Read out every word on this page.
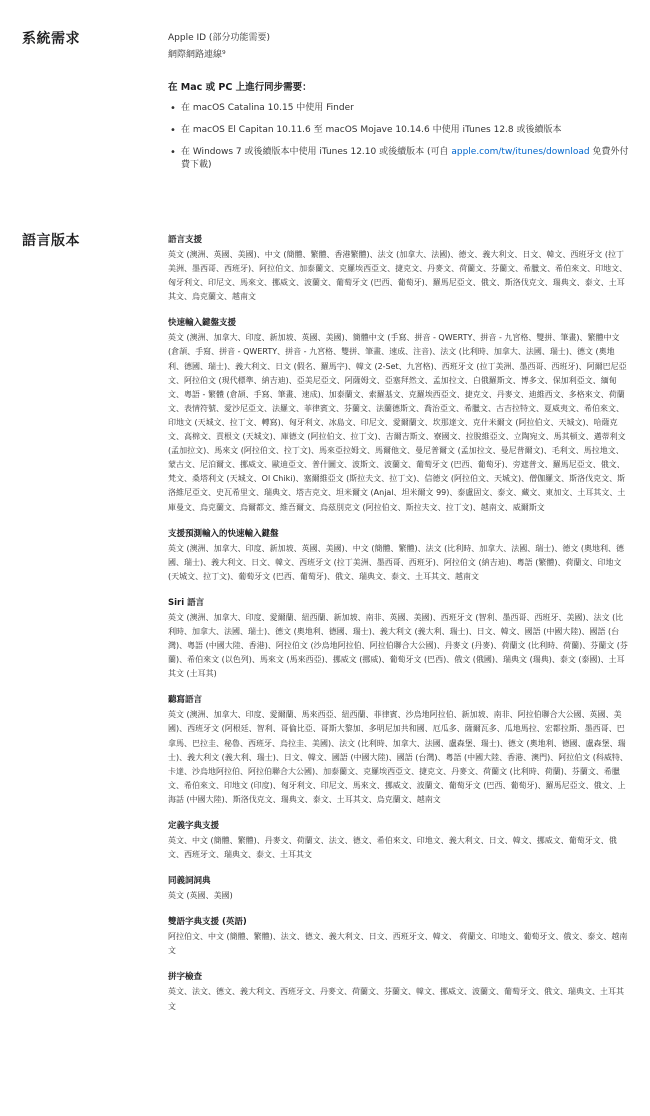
系統需求	Apple ID (部分功能需要)
網際網路連線⁹
在 Mac 或 PC 上進行同步需要：
• 在 macOS Catalina 10.15 中使用 Finder
• 在 macOS El Capitan 10.11.6 至 macOS Mojave 10.14.6 中使用 iTunes 12.8 或後續版本
• 在 Windows 7 或後續版本中使用 iTunes 12.10 或後續版本 (可自 apple.com/tw/itunes/download 免費外付費下載)
語言版本	語言支援
英文 (澳洲、英國、美國)、中文 (簡體、繁體、香港繁體)、法文 (加拿大、法國)、德文、義大利文、日文、韓文、西班牙文 (拉丁美洲、墨西哥、西班牙)、阿拉伯文、加泰蘭文、克羅埃西亞文、捷克文、丹麥文、荷蘭文、芬蘭文、希臘文、希伯來文、印地文、匈牙利文、印尼文、馬來文、挪威文、波蘭文、葡萄牙文 (巴西、葡萄牙)、羅馬尼亞文、俄文、斯洛伐克文、瑞典文、泰文、土耳其文、烏克蘭文、越南文
快速輸入鍵盤支援
英文 (澳洲、加拿大、印度、新加坡、英國、美國)、簡體中文 (手寫、拼音 - QWERTY、拼音 - 九宮格、雙拼、筆畫)、繁體中文 (倉頡、手寫、拼音 - QWERTY、拼音 - 九宮格、雙拼、筆畫、速成、注音)、法文 (比利時、加拿大、法國、瑞士)、德文 (奧地利、德國、瑞士)、義大利文、日文 (假名、羅馬字)、韓文 (2-Set、九宮格)、西班牙文 (拉丁美洲、墨西哥、西班牙)、阿爾巴尼亞文、阿拉伯文 (現代標準、納吉迪)、亞美尼亞文、阿薩姆文、亞塞拜然文、孟加拉文、白俄羅斯文、博多文、保加利亞文、緬甸文、粵語 - 繁體 (倉頡、手寫、筆畫、速成)、加泰蘭文、索羅基文、克羅埃西亞文、捷克文、丹麥文、迪維西文、多格來文、荷蘭文、表情符號、愛沙尼亞文、法羅文、菲律賓文、芬蘭文、法蘭德斯文、喬治亞文、希臘文、古吉拉特文、夏威夷文、希伯來文、印地文 (天城文、拉丁文、轉寫)、匈牙利文、冰島文、印尼文、愛爾蘭文、坎那達文、克什米爾文 (阿拉伯文、天城文)、哈薩克文、高棉文、貢根文 (天城文)、庫德文 (阿拉伯文、拉丁文)、吉爾吉斯文、寮國文、拉脫維亞文、立陶宛文、馬其頓文、邁蒂利文 (孟加拉文)、馬來文 (阿拉伯文、拉丁文)、馬來亞拉姆文、馬爾他文、曼尼普爾文 (孟加拉文、曼尼普爾文)、毛利文、馬拉地文、蒙古文、尼泊爾文、挪威文、歐迪亞文、普什圖文、波斯文、波蘭文、葡萄牙文 (巴西、葡萄牙)、旁遮普文、羅馬尼亞文、俄文、梵文、桑塔利文 (天城文、Ol Chiki)、塞爾維亞文 (斯拉夫文、拉丁文)、信德文 (阿拉伯文、天城文)、僧伽羅文、斯洛伐克文、斯洛維尼亞文、史瓦希里文、瑞典文、塔吉克文、坦米爾文 (Anjal、坦米爾文 99)、泰盧固文、泰文、藏文、東加文、土耳其文、土庫曼文、烏克蘭文、烏爾都文、維吾爾文、烏茲別克文 (阿拉伯文、斯拉夫文、拉丁文)、越南文、威爾斯文
支援預測輸入的快速輸入鍵盤
英文 (澳洲、加拿大、印度、新加坡、英國、美國)、中文 (簡體、繁體)、法文 (比利時、加拿大、法國、瑞士)、德文 (奧地利、德國、瑞士)、義大利文、日文、韓文、西班牙文 (拉丁美洲、墨西哥、西班牙)、阿拉伯文 (納吉迪)、粵語 (繁體)、荷蘭文、印地文 (天城文、拉丁文)、葡萄牙文 (巴西、葡萄牙)、俄文、瑞典文、泰文、土耳其文、越南文
Siri 語言
英文 (澳洲、加拿大、印度、愛爾蘭、紐西蘭、新加坡、南非、英國、美國)、西班牙文 (智利、墨西哥、西班牙、美國)、法文 (比利時、加拿大、法國、瑞士)、德文 (奧地利、德國、瑞士)、義大利文 (義大利、瑞士)、日文、韓文、國語 (中國大陸)、國語 (台灣)、粵語 (中國大陸、香港)、阿拉伯文 (沙烏地阿拉伯、阿拉伯聯合大公國)、丹麥文 (丹麥)、荷蘭文 (比利時、荷蘭)、芬蘭文 (芬蘭)、希伯來文 (以色列)、馬來文 (馬來西亞)、挪威文 (挪威)、葡萄牙文 (巴西)、俄文 (俄國)、瑞典文 (瑞典)、泰文 (泰國)、土耳其文 (土耳其)
聽寫語言
英文 (澳洲、加拿大、印度、愛爾蘭、馬來西亞、紐西蘭、菲律賓、沙烏地阿拉伯、新加坡、南非、阿拉伯聯合大公國、英國、美國)、西班牙文 (阿根廷、智利、哥倫比亞、哥斯大黎加、多明尼加共和國、厄瓜多、薩爾瓦多、瓜地馬拉、宏都拉斯、墨西哥、巴拿馬、巴拉圭、秘魯、西班牙、烏拉圭、美國)、法文 (比利時、加拿大、法國、盧森堡、瑞士)、德文 (奧地利、德國、盧森堡、瑞士)、義大利文 (義大利、瑞士)、日文、韓文、國語 (中國大陸)、國語 (台灣)、粵語 (中國大陸、香港、澳門)、阿拉伯文 (科威特、卡達、沙烏地阿拉伯、阿拉伯聯合大公國)、加泰蘭文、克羅埃西亞文、捷克文、丹麥文、荷蘭文 (比利時、荷蘭)、芬蘭文、希臘文、希伯來文、印地文 (印度)、匈牙利文、印尼文、馬來文、挪威文、波蘭文、葡萄牙文 (巴西、葡萄牙)、羅馬尼亞文、俄文、上海話 (中國大陸)、斯洛伐克文、瑞典文、泰文、土耳其文、烏克蘭文、越南文
定義字典支援
英文、中文 (簡體、繁體)、丹麥文、荷蘭文、法文、德文、希伯來文、印地文、義大利文、日文、韓文、挪威文、葡萄牙文、俄文、西班牙文、瑞典文、泰文、土耳其文
同義詞詞典
英文 (英國、美國)
雙語字典支援 (英語)
阿拉伯文、中文 (簡體、繁體)、法文、德文、義大利文、日文、西班牙文、韓文、 荷蘭文、印地文、葡萄牙文、俄文、泰文、越南文
拼字檢查
英文、法文、德文、義大利文、西班牙文、丹麥文、荷蘭文、芬蘭文、韓文、挪威文、波蘭文、葡萄牙文、俄文、瑞典文、土耳其文
